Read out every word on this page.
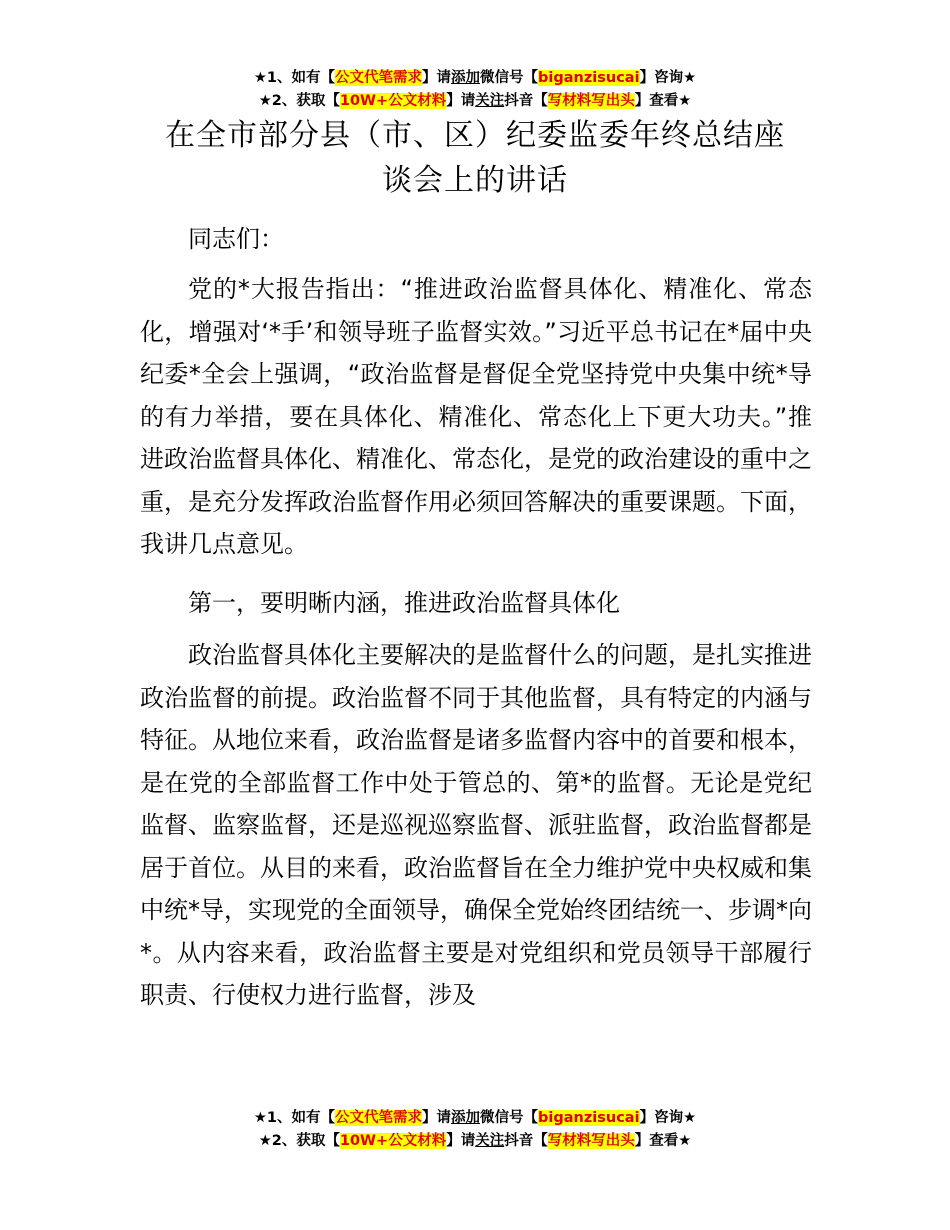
★1、如有【公文代笔需求】请添加微信号【biganzisucai】咨询★
★2、获取【10W+公文材料】请关注抖音【写材料写出头】查看★
在全市部分县（市、区）纪委监委年终总结座
谈会上的讲话

同志们：

党的*大报告指出：“推进政治监督具体化、精准化、常态化，增强对‘*手’和领导班子监督实效。”习近平总书记在*届中央纪委*全会上强调，“政治监督是督促全党坚持党中央集中统*导的有力举措，要在具体化、精准化、常态化上下更大功夫。”推进政治监督具体化、精准化、常态化，是党的政治建设的重中之重，是充分发挥政治监督作用必须回答解决的重要课题。下面，我讲几点意见。

第一，要明晰内涵，推进政治监督具体化

政治监督具体化主要解决的是监督什么的问题，是扎实推进政治监督的前提。政治监督不同于其他监督，具有特定的内涵与特征。从地位来看，政治监督是诸多监督内容中的首要和根本，是在党的全部监督工作中处于管总的、第*的监督。无论是党纪监督、监察监督，还是巡视巡察监督、派驻监督，政治监督都是居于首位。从目的来看，政治监督旨在全力维护党中央权威和集中统*导，实现党的全面领导，确保全党始终团结统一、步调*向*。从内容来看，政治监督主要是对党组织和党员领导干部履行职责、行使权力进行监督，涉及

★1、如有【公文代笔需求】请添加微信号【biganzisucai】咨询★
★2、获取【10W+公文材料】请关注抖音【写材料写出头】查看★
